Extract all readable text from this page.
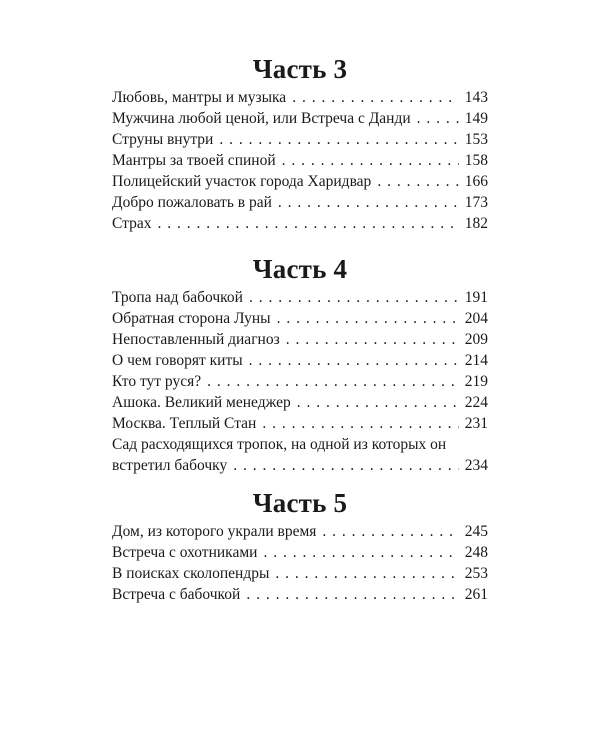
Часть 3
Любовь, мантры и музыка . . .	143
Мужчина любой ценой, или Встреча с Данди . . .	149
Струны внутри . . .	153
Мантры за твоей спиной . . .	158
Полицейский участок города Харидвар . . .	166
Добро пожаловать в рай . . .	173
Страх . . .	182
Часть 4
Тропа над бабочкой . . .	191
Обратная сторона Луны . . .	204
Непоставленный диагноз . . .	209
О чем говорят киты . . .	214
Кто тут руся? . . .	219
Ашока. Великий менеджер . . .	224
Москва. Теплый Стан . . .	231
Сад расходящихся тропок, на одной из которых он
встретил бабочку . . .	234
Часть 5
Дом, из которого украли время . . .	245
Встреча с охотниками . . .	248
В поисках сколопендры . . .	253
Встреча с бабочкой . . .	261
